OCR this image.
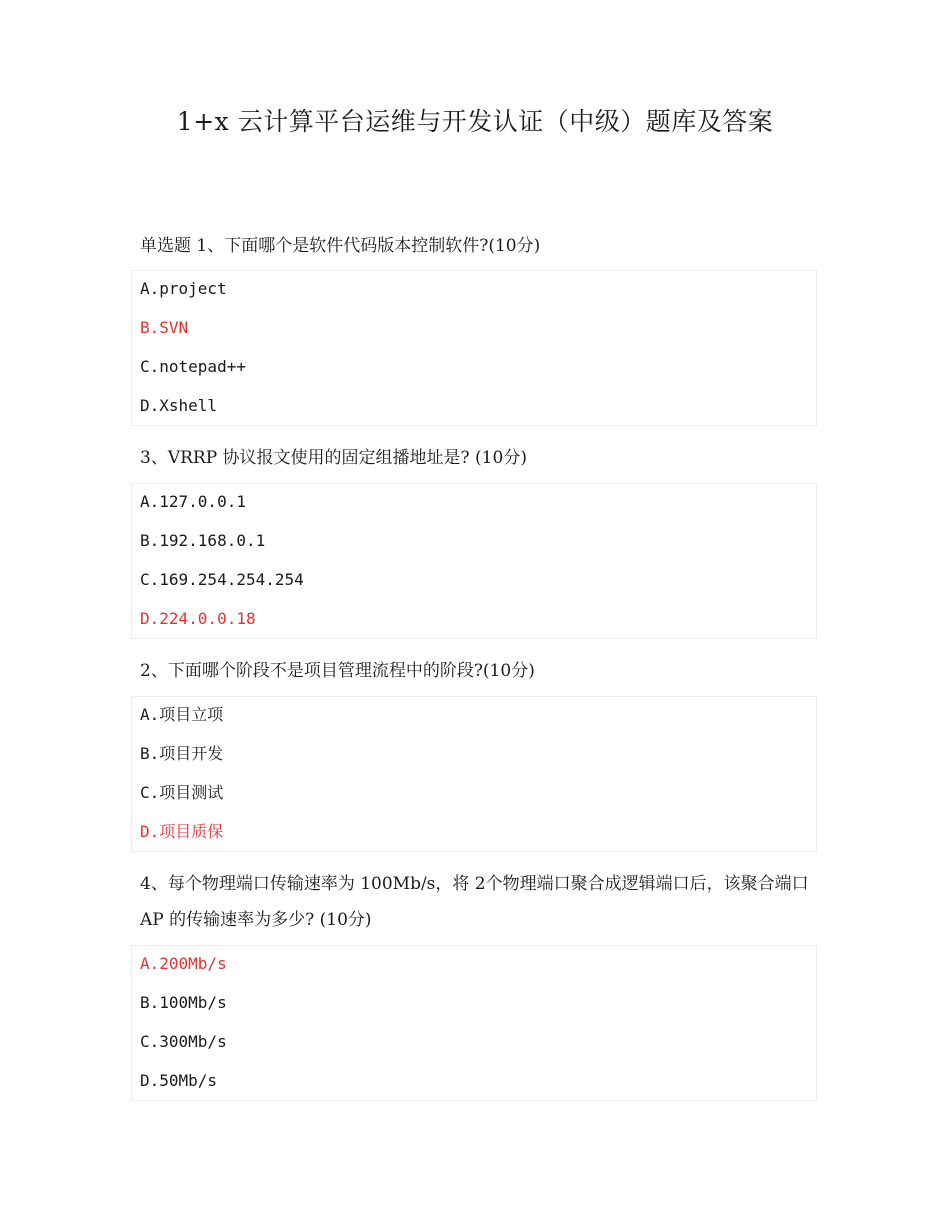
1+x 云计算平台运维与开发认证（中级）题库及答案
单选题 1、下面哪个是软件代码版本控制软件?(10分)
A.project
B.SVN
C.notepad++
D.Xshell
3、VRRP 协议报文使用的固定组播地址是? (10分)
A.127.0.0.1
B.192.168.0.1
C.169.254.254.254
D.224.0.0.18
2、下面哪个阶段不是项目管理流程中的阶段?(10分)
A.项目立项
B.项目开发
C.项目测试
D.项目质保
4、每个物理端口传输速率为 100Mb/s，将 2个物理端口聚合成逻辑端口后，该聚合端口 AP 的传输速率为多少? (10分)
A.200Mb/s
B.100Mb/s
C.300Mb/s
D.50Mb/s
